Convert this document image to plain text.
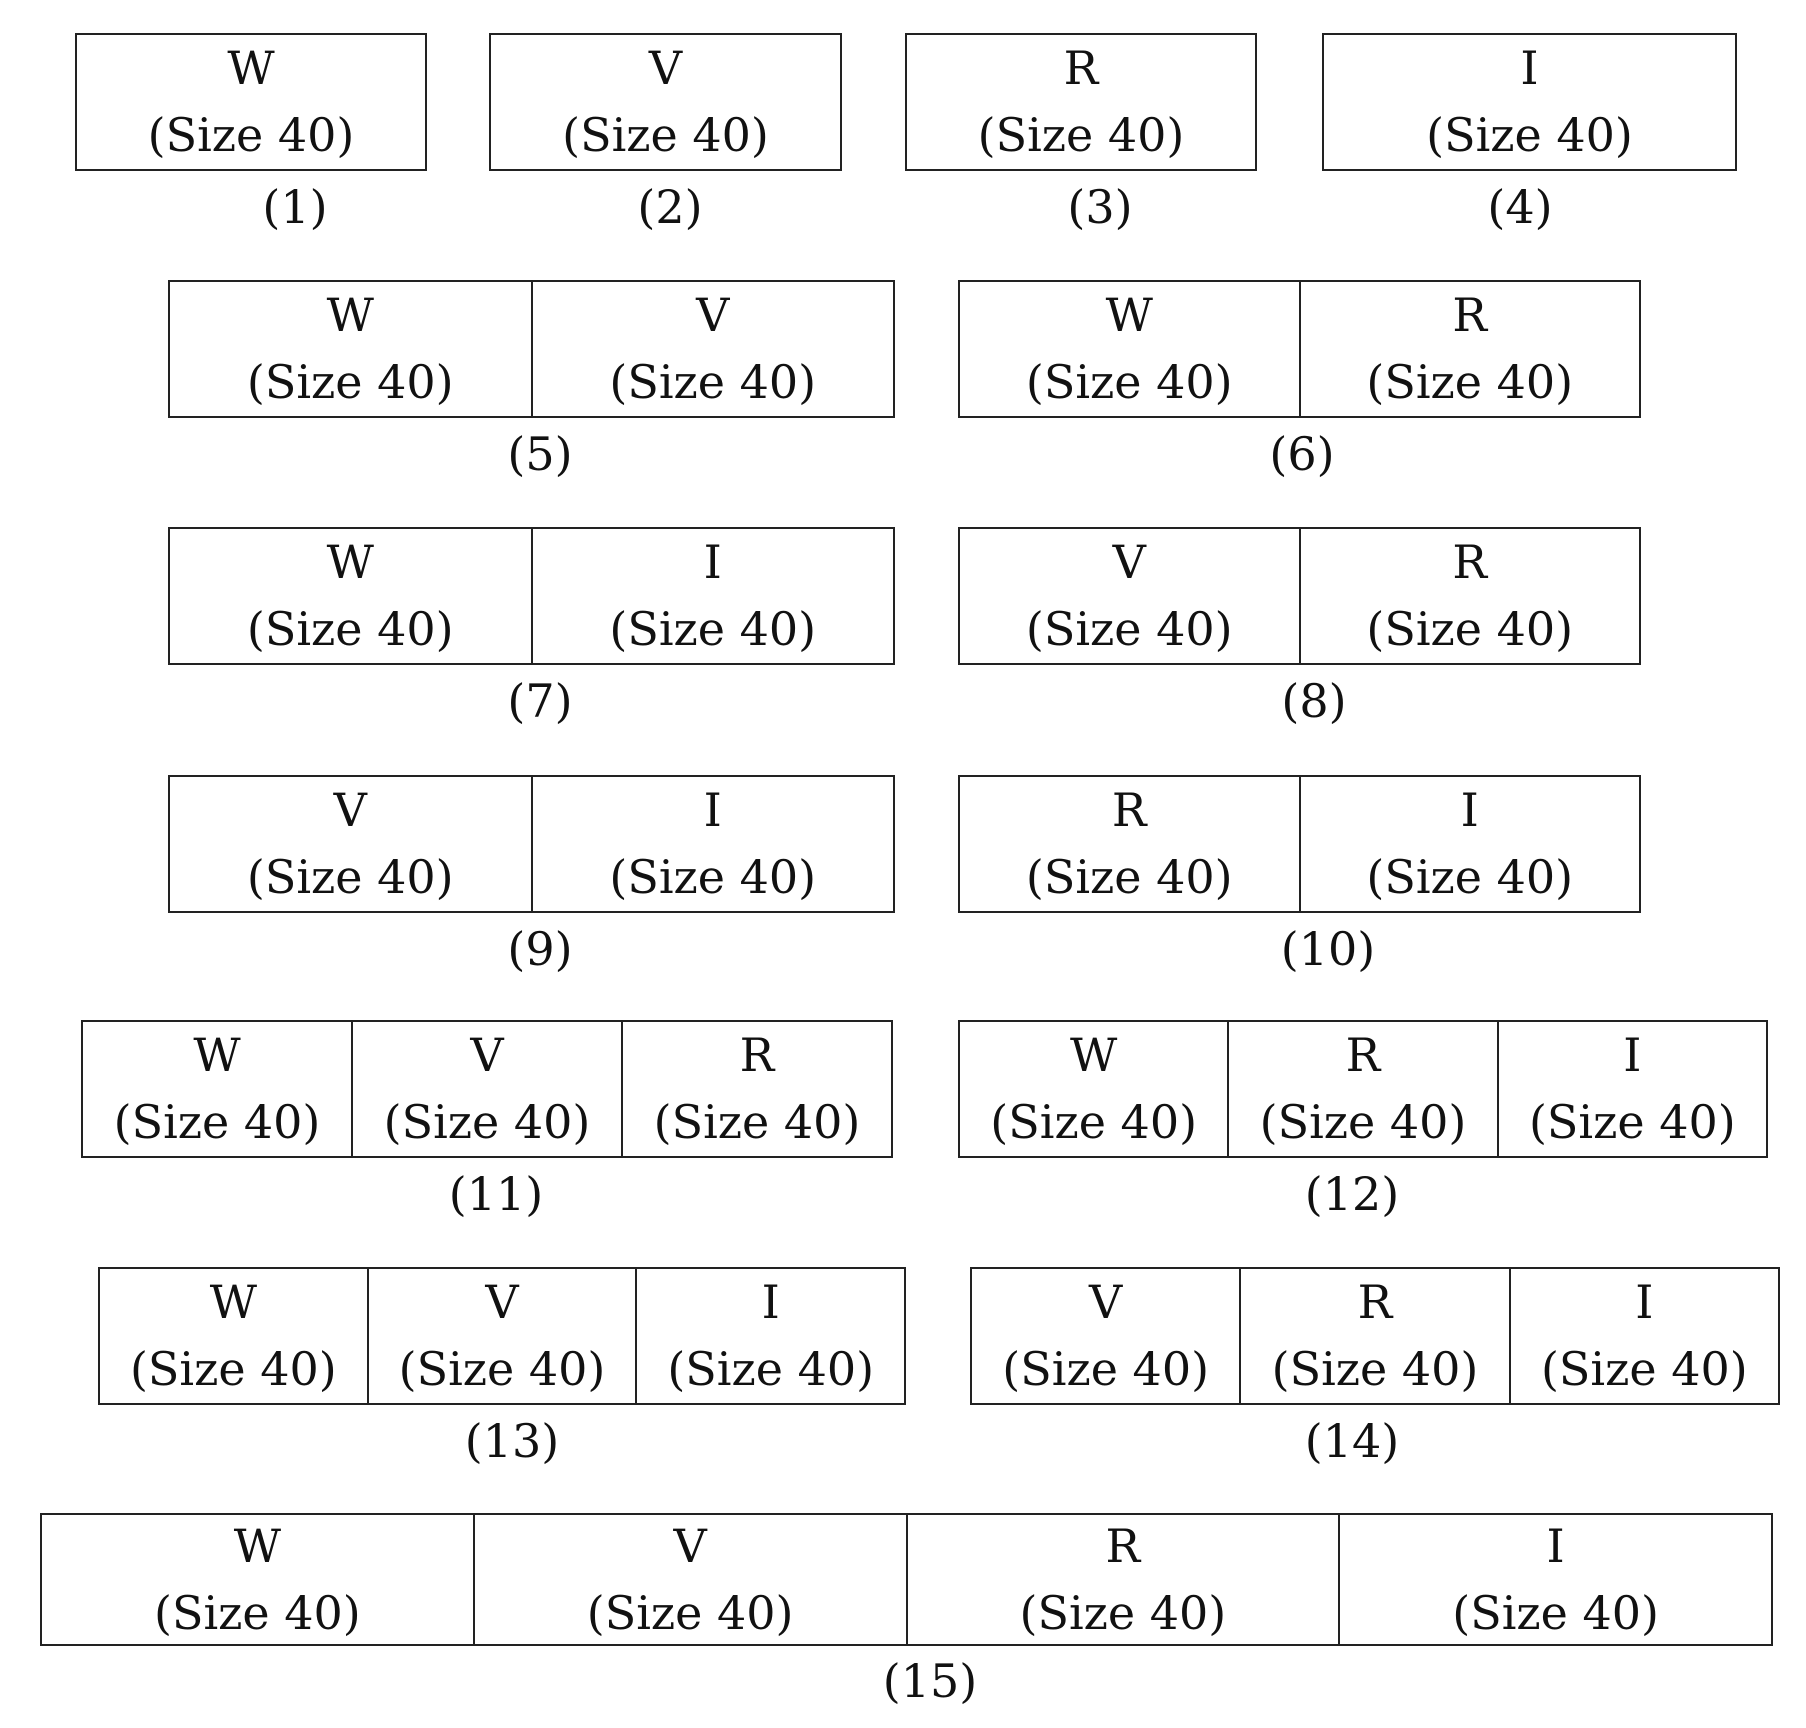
W
(Size 40)
(1)
V
(Size 40)
(2)
R
(Size 40)
(3)
I
(Size 40)
(4)
W
(Size 40)
V
(Size 40)
(5)
W
(Size 40)
R
(Size 40)
(6)
W
(Size 40)
I
(Size 40)
(7)
V
(Size 40)
R
(Size 40)
(8)
V
(Size 40)
I
(Size 40)
(9)
R
(Size 40)
I
(Size 40)
(10)
W
(Size 40)
V
(Size 40)
R
(Size 40)
(11)
W
(Size 40)
R
(Size 40)
I
(Size 40)
(12)
W
(Size 40)
V
(Size 40)
I
(Size 40)
(13)
V
(Size 40)
R
(Size 40)
I
(Size 40)
(14)
W
(Size 40)
V
(Size 40)
R
(Size 40)
I
(Size 40)
(15)
